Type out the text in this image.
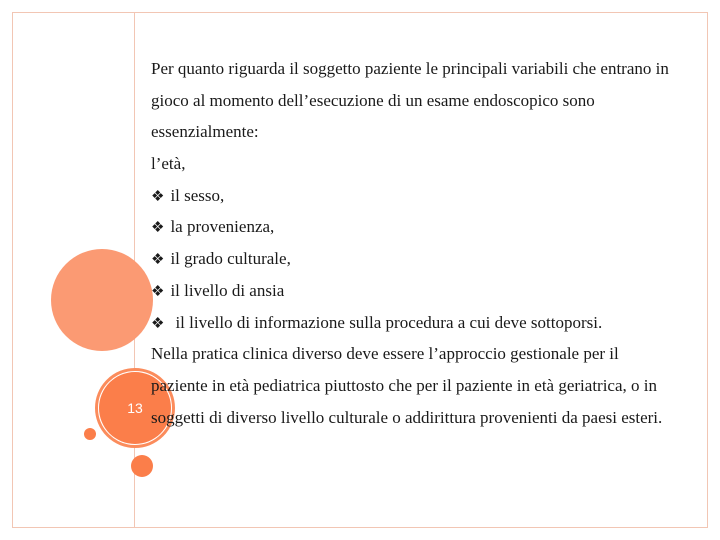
13
Per quanto riguarda il soggetto paziente le principali variabili che entrano in
gioco al momento dell’esecuzione di un esame endoscopico sono
essenzialmente:
l’età,
❖ il sesso,
❖ la provenienza,
❖ il grado culturale,
❖ il livello di ansia
❖ il livello di informazione sulla procedura a cui deve sottoporsi.
Nella pratica clinica diverso deve essere l’approccio gestionale per il
paziente in età pediatrica piuttosto che per il paziente in età geriatrica, o in
soggetti di diverso livello culturale o addirittura provenienti da paesi esteri.
